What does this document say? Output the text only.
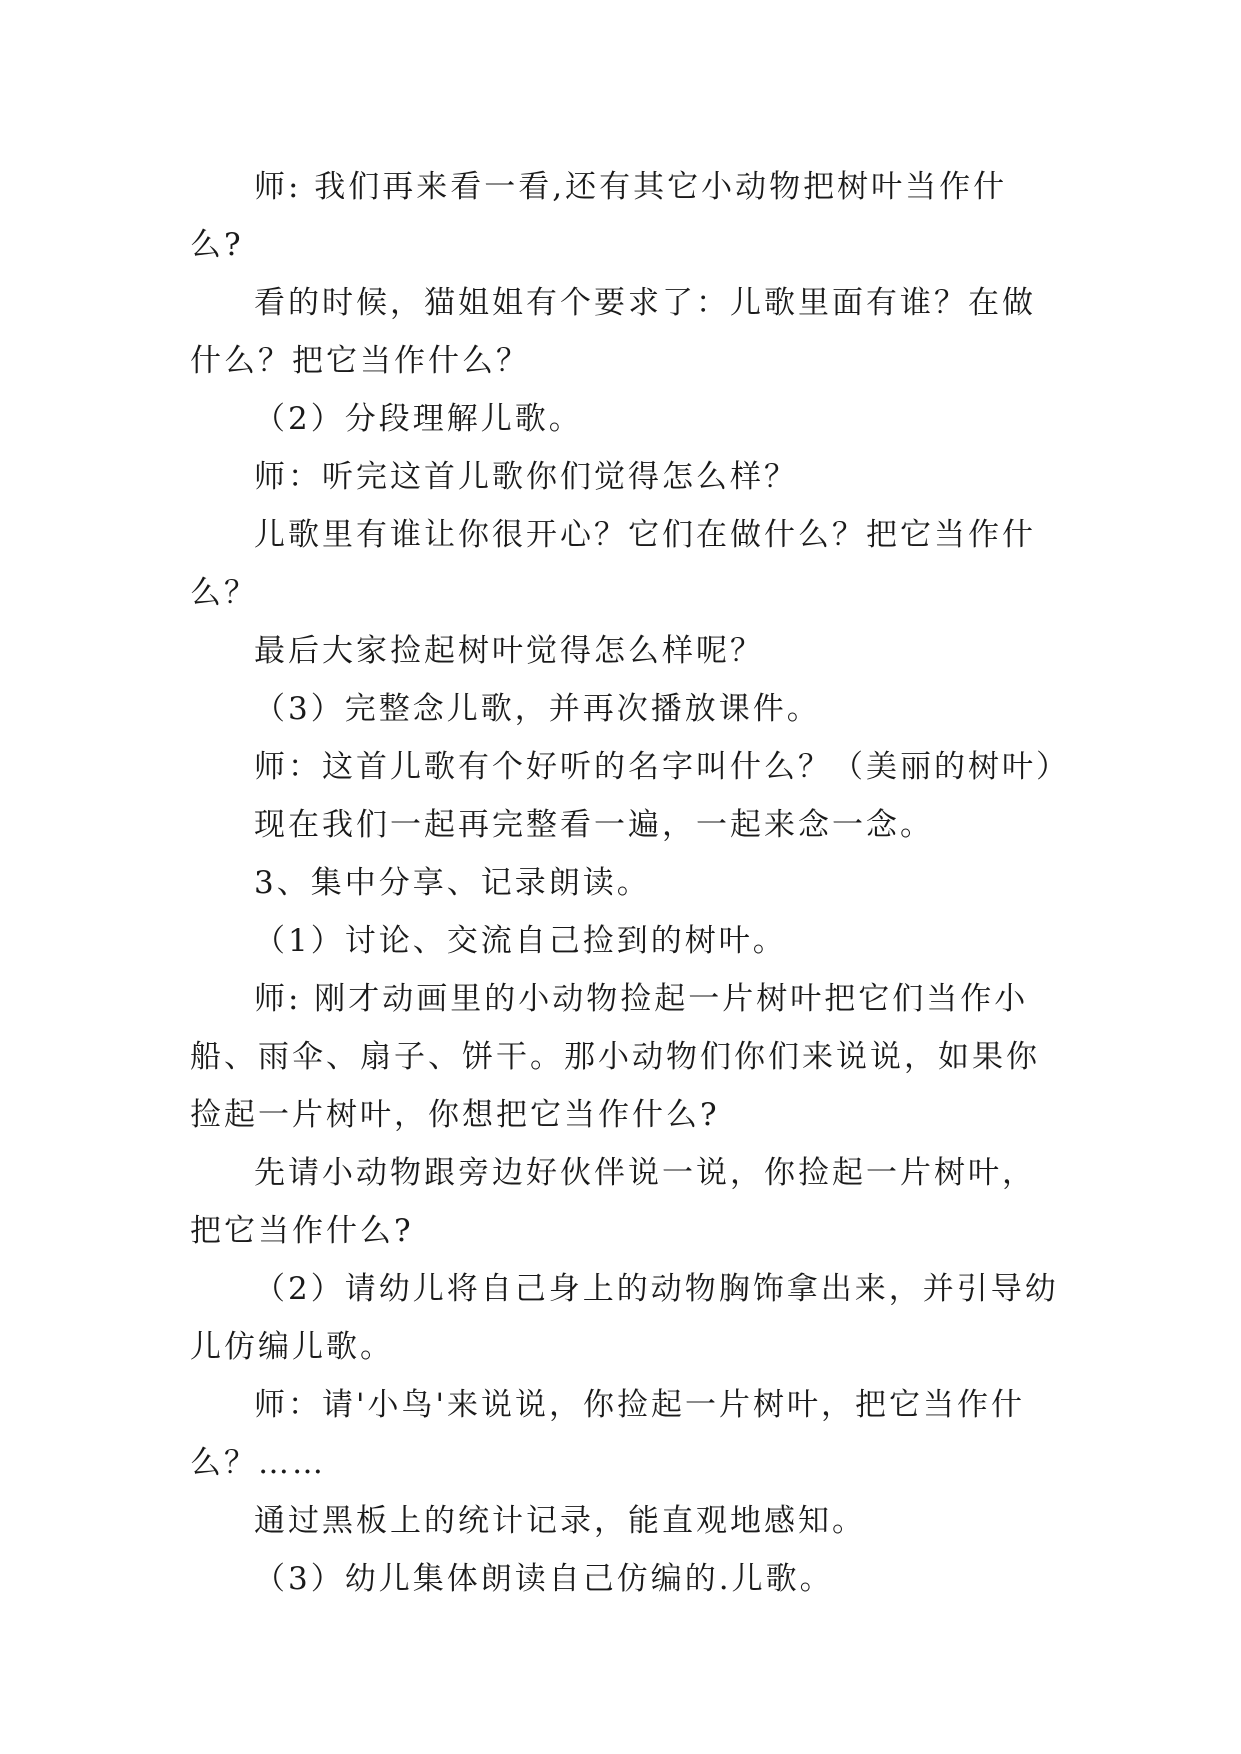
师: 我们再来看一看,还有其它小动物把树叶当作什么?

看的时候，猫姐姐有个要求了：儿歌里面有谁？在做什么？把它当作什么？

（2）分段理解儿歌。

师：听完这首儿歌你们觉得怎么样？

儿歌里有谁让你很开心？它们在做什么？把它当作什么？

最后大家捡起树叶觉得怎么样呢？

（3）完整念儿歌，并再次播放课件。

师：这首儿歌有个好听的名字叫什么？（美丽的树叶）

现在我们一起再完整看一遍，一起来念一念。

3、集中分享、记录朗读。

（1）讨论、交流自己捡到的树叶。

师: 刚才动画里的小动物捡起一片树叶把它们当作小船、雨伞、扇子、饼干。那小动物们你们来说说，如果你捡起一片树叶，你想把它当作什么?

先请小动物跟旁边好伙伴说一说，你捡起一片树叶，把它当作什么?

（2）请幼儿将自己身上的动物胸饰拿出来，并引导幼儿仿编儿歌。

师：请'小鸟'来说说，你捡起一片树叶，把它当作什么？……

通过黑板上的统计记录，能直观地感知。

（3）幼儿集体朗读自己仿编的.儿歌。
